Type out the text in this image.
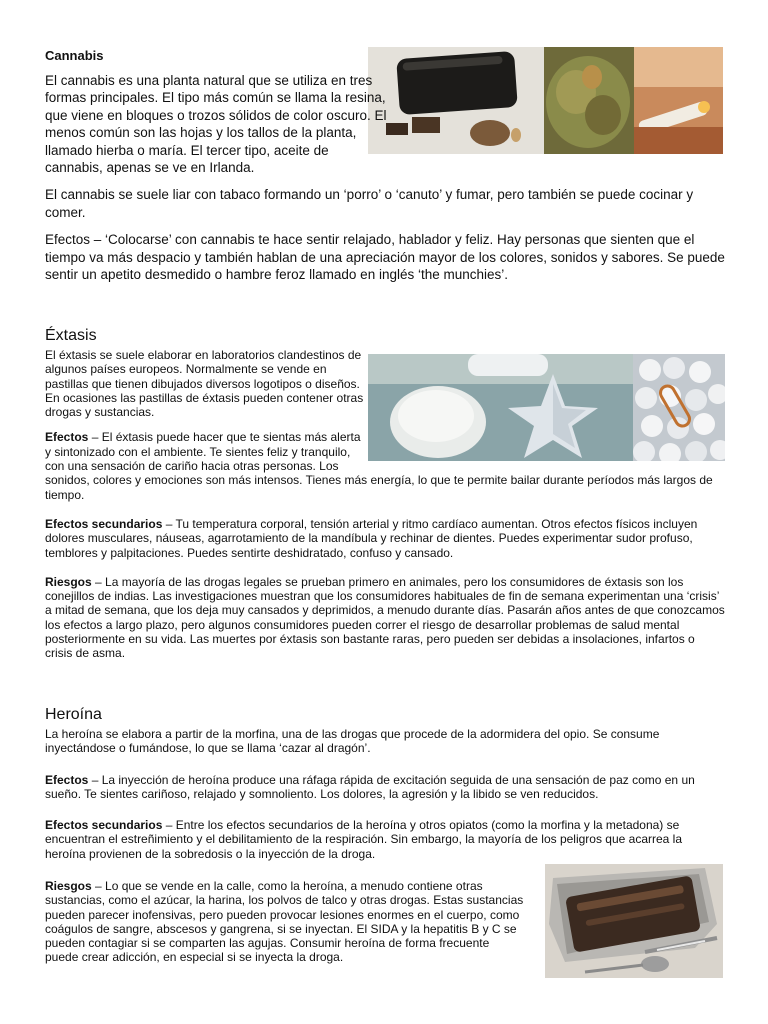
Cannabis

El cannabis es una planta natural que se utiliza en tres formas principales. El tipo más común se llama la resina, que viene en bloques o trozos sólidos de color oscuro. El menos común son las hojas y los tallos de la planta, llamado hierba o maría. El tercer tipo, aceite de cannabis, apenas se ve en Irlanda.

El cannabis se suele liar con tabaco formando un ‘porro’ o ‘canuto’ y fumar, pero también se puede cocinar y comer.

Efectos – ‘Colocarse’ con cannabis te hace sentir relajado, hablador y feliz. Hay personas que sienten que el tiempo va más despacio y también hablan de una apreciación mayor de los colores, sonidos y sabores. Se puede sentir un apetito desmedido o hambre feroz llamado en inglés ‘the munchies’.

Éxtasis

El éxtasis se suele elaborar en laboratorios clandestinos de algunos países europeos. Normalmente se vende en pastillas que tienen dibujados diversos logotipos o diseños. En ocasiones las pastillas de éxtasis pueden contener otras drogas y sustancias.

Efectos – El éxtasis puede hacer que te sientas más alerta y sintonizado con el ambiente. Te sientes feliz y tranquilo, con una sensación de cariño hacia otras personas. Los sonidos, colores y emociones son más intensos. Tienes más energía, lo que te permite bailar durante períodos más largos de tiempo.

Efectos secundarios – Tu temperatura corporal, tensión arterial y ritmo cardíaco aumentan. Otros efectos físicos incluyen dolores musculares, náuseas, agarrotamiento de la mandíbula y rechinar de dientes. Puedes experimentar sudor profuso, temblores y palpitaciones. Puedes sentirte deshidratado, confuso y cansado.

Riesgos – La mayoría de las drogas legales se prueban primero en animales, pero los consumidores de éxtasis son los conejillos de indias. Las investigaciones muestran que los consumidores habituales de fin de semana experimentan una ‘crisis’ a mitad de semana, que los deja muy cansados y deprimidos, a menudo durante días. Pasarán años antes de que conozcamos los efectos a largo plazo, pero algunos consumidores pueden correr el riesgo de desarrollar problemas de salud mental posteriormente en su vida. Las muertes por éxtasis son bastante raras, pero pueden ser debidas a insolaciones, infartos o crisis de asma.

Heroína

La heroína se elabora a partir de la morfina, una de las drogas que procede de la adormidera del opio. Se consume inyectándose o fumándose, lo que se llama ‘cazar al dragón’.

Efectos – La inyección de heroína produce una ráfaga rápida de excitación seguida de una sensación de paz como en un sueño. Te sientes cariñoso, relajado y somnoliento. Los dolores, la agresión y la libido se ven reducidos.

Efectos secundarios – Entre los efectos secundarios de la heroína y otros opiatos (como la morfina y la metadona) se encuentran el estreñimiento y el debilitamiento de la respiración. Sin embargo, la mayoría de los peligros que acarrea la heroína provienen de la sobredosis o la inyección de la droga.

Riesgos – Lo que se vende en la calle, como la heroína, a menudo contiene otras sustancias, como el azúcar, la harina, los polvos de talco y otras drogas. Estas sustancias pueden parecer inofensivas, pero pueden provocar lesiones enormes en el cuerpo, como coágulos de sangre, abscesos y gangrena, si se inyectan. El SIDA y la hepatitis B y C se pueden contagiar si se comparten las agujas. Consumir heroína de forma frecuente puede crear adicción, en especial si se inyecta la droga.
